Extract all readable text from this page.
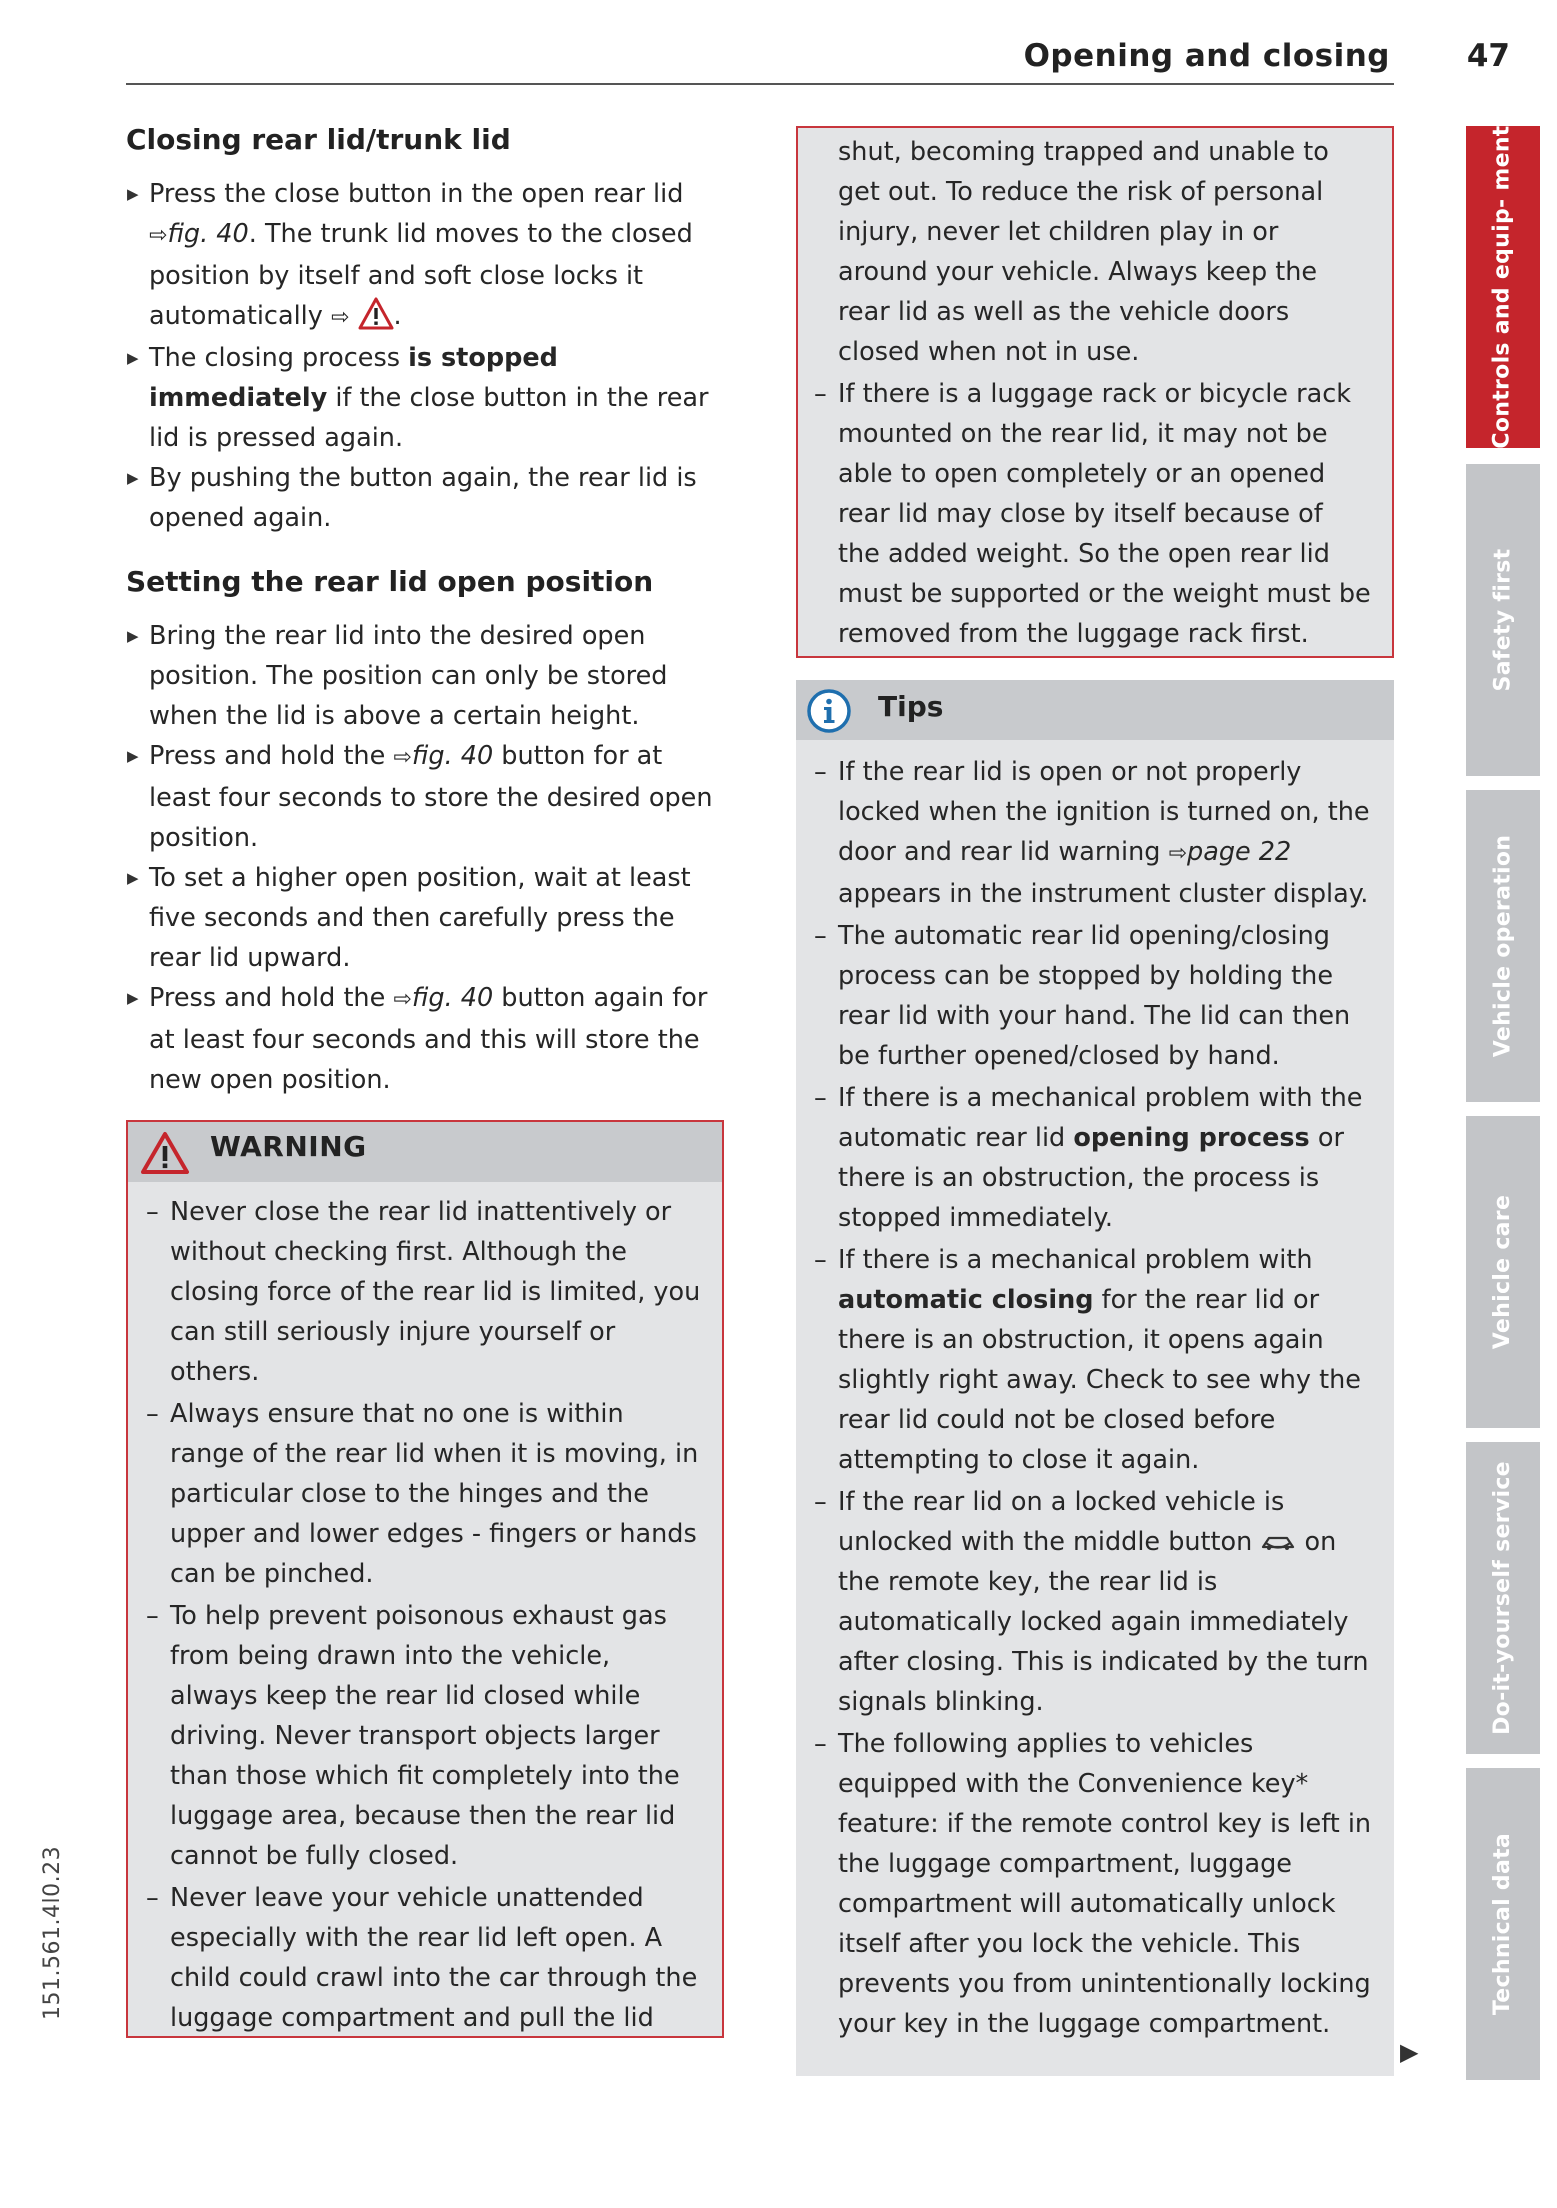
Opening and closing	47
Closing rear lid/trunk lid
▶ Press the close button in the open rear lid ⇨fig. 40. The trunk lid moves to the closed position by itself and soft close locks it automatically ⇨ .
▶ The closing process is stopped immediately if the close button in the rear lid is pressed again.
▶ By pushing the button again, the rear lid is opened again.
Setting the rear lid open position
▶ Bring the rear lid into the desired open position. The position can only be stored when the lid is above a certain height.
▶ Press and hold the ⇨fig. 40 button for at least four seconds to store the desired open position.
▶ To set a higher open position, wait at least five seconds and then carefully press the rear lid upward.
▶ Press and hold the ⇨fig. 40 button again for at least four seconds and this will store the new open position.
WARNING
– Never close the rear lid inattentively or without checking first. Although the closing force of the rear lid is limited, you can still seriously injure yourself or others.
– Always ensure that no one is within range of the rear lid when it is moving, in particular close to the hinges and the upper and lower edges - fingers or hands can be pinched.
– To help prevent poisonous exhaust gas from being drawn into the vehicle, always keep the rear lid closed while driving. Never transport objects larger than those which fit completely into the luggage area, because then the rear lid cannot be fully closed.
– Never leave your vehicle unattended especially with the rear lid left open. A child could crawl into the car through the luggage compartment and pull the lid
shut, becoming trapped and unable to get out. To reduce the risk of personal injury, never let children play in or around your vehicle. Always keep the rear lid as well as the vehicle doors closed when not in use.
– If there is a luggage rack or bicycle rack mounted on the rear lid, it may not be able to open completely or an opened rear lid may close by itself because of the added weight. So the open rear lid must be supported or the weight must be removed from the luggage rack first.
Tips
– If the rear lid is open or not properly locked when the ignition is turned on, the door and rear lid warning ⇨page 22 appears in the instrument cluster display.
– The automatic rear lid opening/closing process can be stopped by holding the rear lid with your hand. The lid can then be further opened/closed by hand.
– If there is a mechanical problem with the automatic rear lid opening process or there is an obstruction, the process is stopped immediately.
– If there is a mechanical problem with automatic closing for the rear lid or there is an obstruction, it opens again slightly right away. Check to see why the rear lid could not be closed before attempting to close it again.
– If the rear lid on a locked vehicle is unlocked with the middle button on the remote key, the rear lid is automatically locked again immediately after closing. This is indicated by the turn signals blinking.
– The following applies to vehicles equipped with the Convenience key* feature: if the remote control key is left in the luggage compartment, luggage compartment will automatically unlock itself after you lock the vehicle. This prevents you from unintentionally locking your key in the luggage compartment.
▶
Controls and equip- ment
Safety first
Vehicle operation
Vehicle care
Do-it-yourself service
Technical data
151.561.4l0.23
